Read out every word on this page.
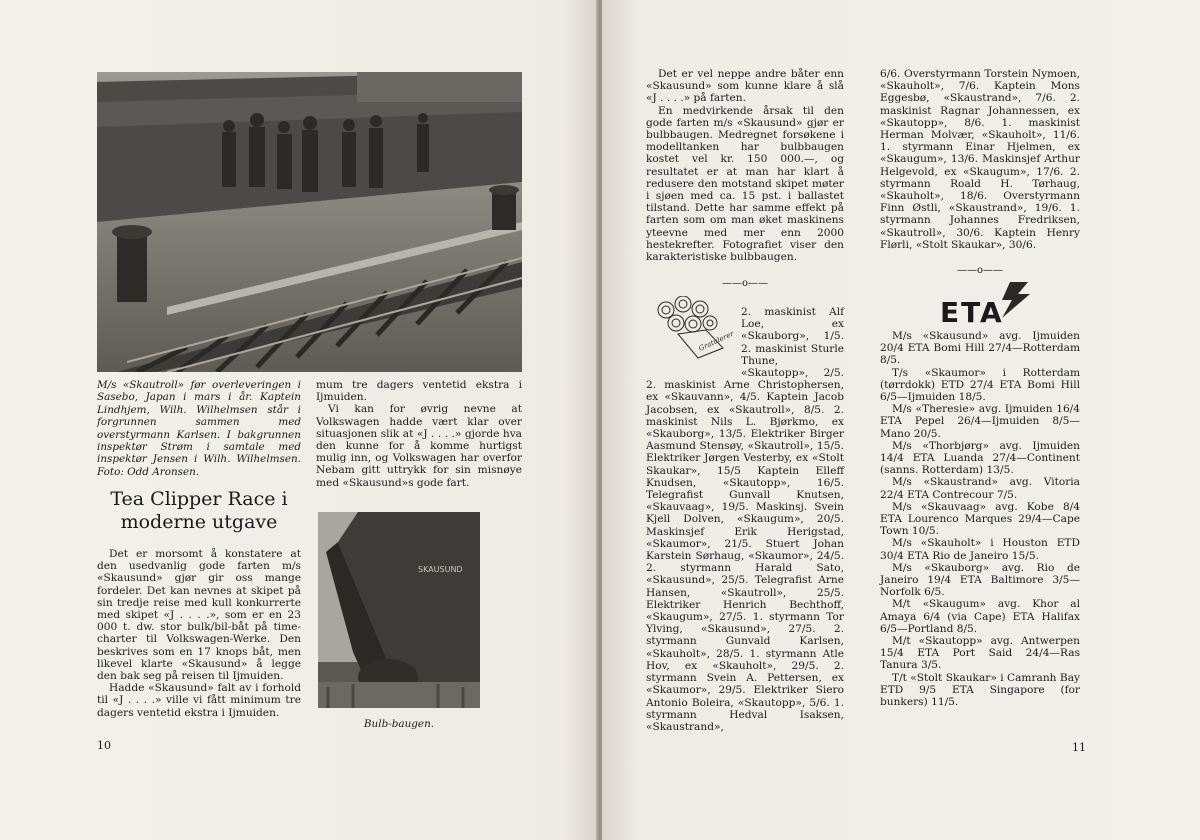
M/s «Skautroll» før overleveringen i Sasebo, Japan i mars i år. Kaptein Lindhjem, Wilh. Wilhelmsen står i forgrunnen sammen med overstyrmann Karlsen. I bakgrunnen inspektør Strøm i samtale med inspektør Jensen i Wilh. Wilhelmsen. Foto: Odd Aronsen.
Tea Clipper Race i moderne utgave

Det er morsomt å konstatere at den usedvanlig gode farten m/s «Skausund» gjør gir oss mange fordeler. Det kan nevnes at skipet på sin tredje reise med kull konkurrerte med skipet «J . . . .», som er en 23 000 t. dw. stor bulk/bil-båt på time-charter til Volkswagen-Werke. Den beskrives som en 17 knops båt, men likevel klarte «Skausund» å legge den bak seg på reisen til Ijmuiden.

Hadde «Skausund» falt av i forhold til «J . . . .» ville vi fått minimum tre dagers ventetid ekstra i Ijmuiden.

mum tre dagers ventetid ekstra i Ijmuiden.

Vi kan for øvrig nevne at Volkswagen hadde vært klar over situasjonen slik at «J . . . .» gjorde hva den kunne for å komme hurtigst mulig inn, og Volkswagen har overfor Nebam gitt uttrykk for sin misnøye med «Skausund»s gode fart.

SKAUSUND
Bulb-baugen.
10

Det er vel neppe andre båter enn «Skausund» som kunne klare å slå «J . . . .» på farten.

En medvirkende årsak til den gode farten m/s «Skausund» gjør er bulbbaugen. Medregnet forsøkene i modelltanken har bulbbaugen kostet vel kr. 150 000.—, og resultatet er at man har klart å redusere den motstand skipet møter i sjøen med ca. 15 pst. i ballastet tilstand. Dette har samme effekt på farten som om man øket maskinens yteevne med mer enn 2000 hestekrefter. Fotografiet viser den karakteristiske bulbbaugen.

——o——
Gratulerer
2. maskinist Alf Loe, ex «Skauborg», 1/5. 2. maskinist Sturle Thune, «Skautopp», 2/5. 2. maskinist Arne Christophersen, ex «Skauvann», 4/5. Kaptein Jacob Jacobsen, ex «Skautroll», 8/5. 2. maskinist Nils L. Bjørkmo, ex «Skauborg», 13/5. Elektriker Birger Aasmund Stensøy, «Skautroll», 15/5. Elektriker Jørgen Vesterby, ex «Stolt Skaukar», 15/5 Kaptein Elleff Knudsen, «Skautopp», 16/5. Telegrafist Gunvall Knutsen, «Skauvaag», 19/5. Maskinsj. Svein Kjell Dolven, «Skaugum», 20/5. Maskinsjef Erik Herigstad, «Skaumor», 21/5. Stuert Johan Karstein Sørhaug, «Skaumor», 24/5. 2. styrmann Harald Sato, «Skausund», 25/5. Telegrafist Arne Hansen, «Skautroll», 25/5. Elektriker Henrich Bechthoff, «Skaugum», 27/5. 1. styrmann Tor Ylving, «Skausund», 27/5. 2. styrmann Gunvald Karlsen, «Skauholt», 28/5. 1. styrmann Atle Hov, ex «Skauholt», 29/5. 2. styrmann Svein A. Pettersen, ex «Skaumor», 29/5. Elektriker Siero Antonio Boleira, «Skautopp», 5/6. 1. styrmann Hedval Isaksen, «Skaustrand»,

6/6. Overstyrmann Torstein Nymoen, «Skauholt», 7/6. Kaptein Mons Eggesbø, «Skaustrand», 7/6. 2. maskinist Ragnar Johannessen, ex «Skautopp», 8/6. 1. maskinist Herman Molvær, «Skauholt», 11/6. 1. styrmann Einar Hjelmen, ex «Skaugum», 13/6. Maskinsjef Arthur Helgevold, ex «Skaugum», 17/6. 2. styrmann Roald H. Tørhaug, «Skauholt», 18/6. Overstyrmann Finn Østli, «Skaustrand», 19/6. 1. styrmann Johannes Fredriksen, «Skautroll», 30/6. Kaptein Henry Flørli, «Stolt Skaukar», 30/6.

——o——
ETA

M/s «Skausund» avg. Ijmuiden 20/4 ETA Bomi Hill 27/4—Rotterdam 8/5.

T/s «Skaumor» i Rotterdam (tørrdokk) ETD 27/4 ETA Bomi Hill 6/5—Ijmuiden 18/5.

M/s «Theresie» avg. Ijmuiden 16/4 ETA Pepel 26/4—Ijmuiden 8/5—Mano 20/5.

M/s «Thorbjørg» avg. Ijmuiden 14/4 ETA Luanda 27/4—Continent (sanns. Rotterdam) 13/5.

M/s «Skaustrand» avg. Vitoria 22/4 ETA Contrecour 7/5.

M/s «Skauvaag» avg. Kobe 8/4 ETA Lourenco Marques 29/4—Cape Town 10/5.

M/s «Skauholt» i Houston ETD 30/4 ETA Rio de Janeiro 15/5.

M/s «Skauborg» avg. Rio de Janeiro 19/4 ETA Baltimore 3/5—Norfolk 6/5.

M/t «Skaugum» avg. Khor al Amaya 6/4 (via Cape) ETA Halifax 6/5—Portland 8/5.

M/t «Skautopp» avg. Antwerpen 15/4 ETA Port Said 24/4—Ras Tanura 3/5.

T/t «Stolt Skaukar» i Camranh Bay ETD 9/5 ETA Singapore (for bunkers) 11/5.

11
